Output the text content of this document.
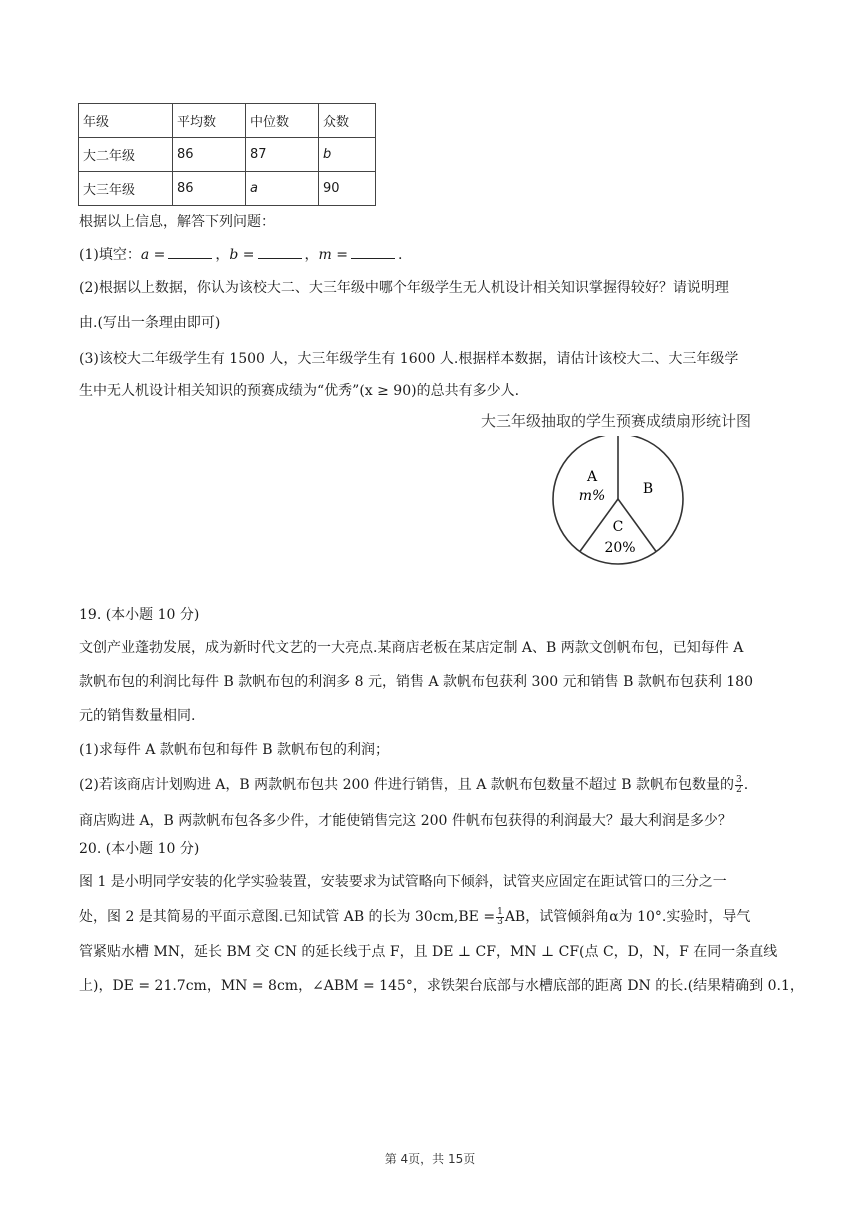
年级	平均数	中位数	众数
大二年级	86	87	b
大三年级	86	a	90
根据以上信息，解答下列问题：
(1)填空：a =	，b =	，m =	.
(2)根据以上数据，你认为该校大二、大三年级中哪个年级学生无人机设计相关知识掌握得较好？请说明理
由.(写出一条理由即可)
(3)该校大二年级学生有 1500 人，大三年级学生有 1600 人.根据样本数据，请估计该校大二、大三年级学
生中无人机设计相关知识的预赛成绩为“优秀”(x ≥ 90)的总共有多少人.
大三年级抽取的学生预赛成绩扇形统计图
A
m%	B
C
20%
19. (本小题 10 分)
文创产业蓬勃发展，成为新时代文艺的一大亮点.某商店老板在某店定制 A、B 两款文创帆布包，已知每件 A
款帆布包的利润比每件 B 款帆布包的利润多 8 元，销售 A 款帆布包获利 300 元和销售 B 款帆布包获利 180
元的销售数量相同.
(1)求每件 A 款帆布包和每件 B 款帆布包的利润；
(2)若该商店计划购进 A，B 两款帆布包共 200 件进行销售，且 A 款帆布包数量不超过 B 款帆布包数量的 $\frac{3}{2}$ .
商店购进 A，B 两款帆布包各多少件，才能使销售完这 200 件帆布包获得的利润最大？最大利润是多少？
20. (本小题 10 分)
图 1 是小明同学安装的化学实验装置，安装要求为试管略向下倾斜，试管夹应固定在距试管口的三分之一
处，图 2 是其简易的平面示意图.已知试管 AB 的长为 $30cm,BE = \frac{1}{3}$ AB，试管倾斜角α为 10°.实验时，导气
管紧贴水槽 MN，延长 BM 交 CN 的延长线于点 F，且 DE ⊥ CF，MN ⊥ CF(点 C，D，N，F 在同一条直线
上)，DE = 21.7cm，MN = 8cm，∠ABM = 145°，求铁架台底部与水槽底部的距离 DN 的长.(结果精确到 0.1，
第 4页，共 15页
